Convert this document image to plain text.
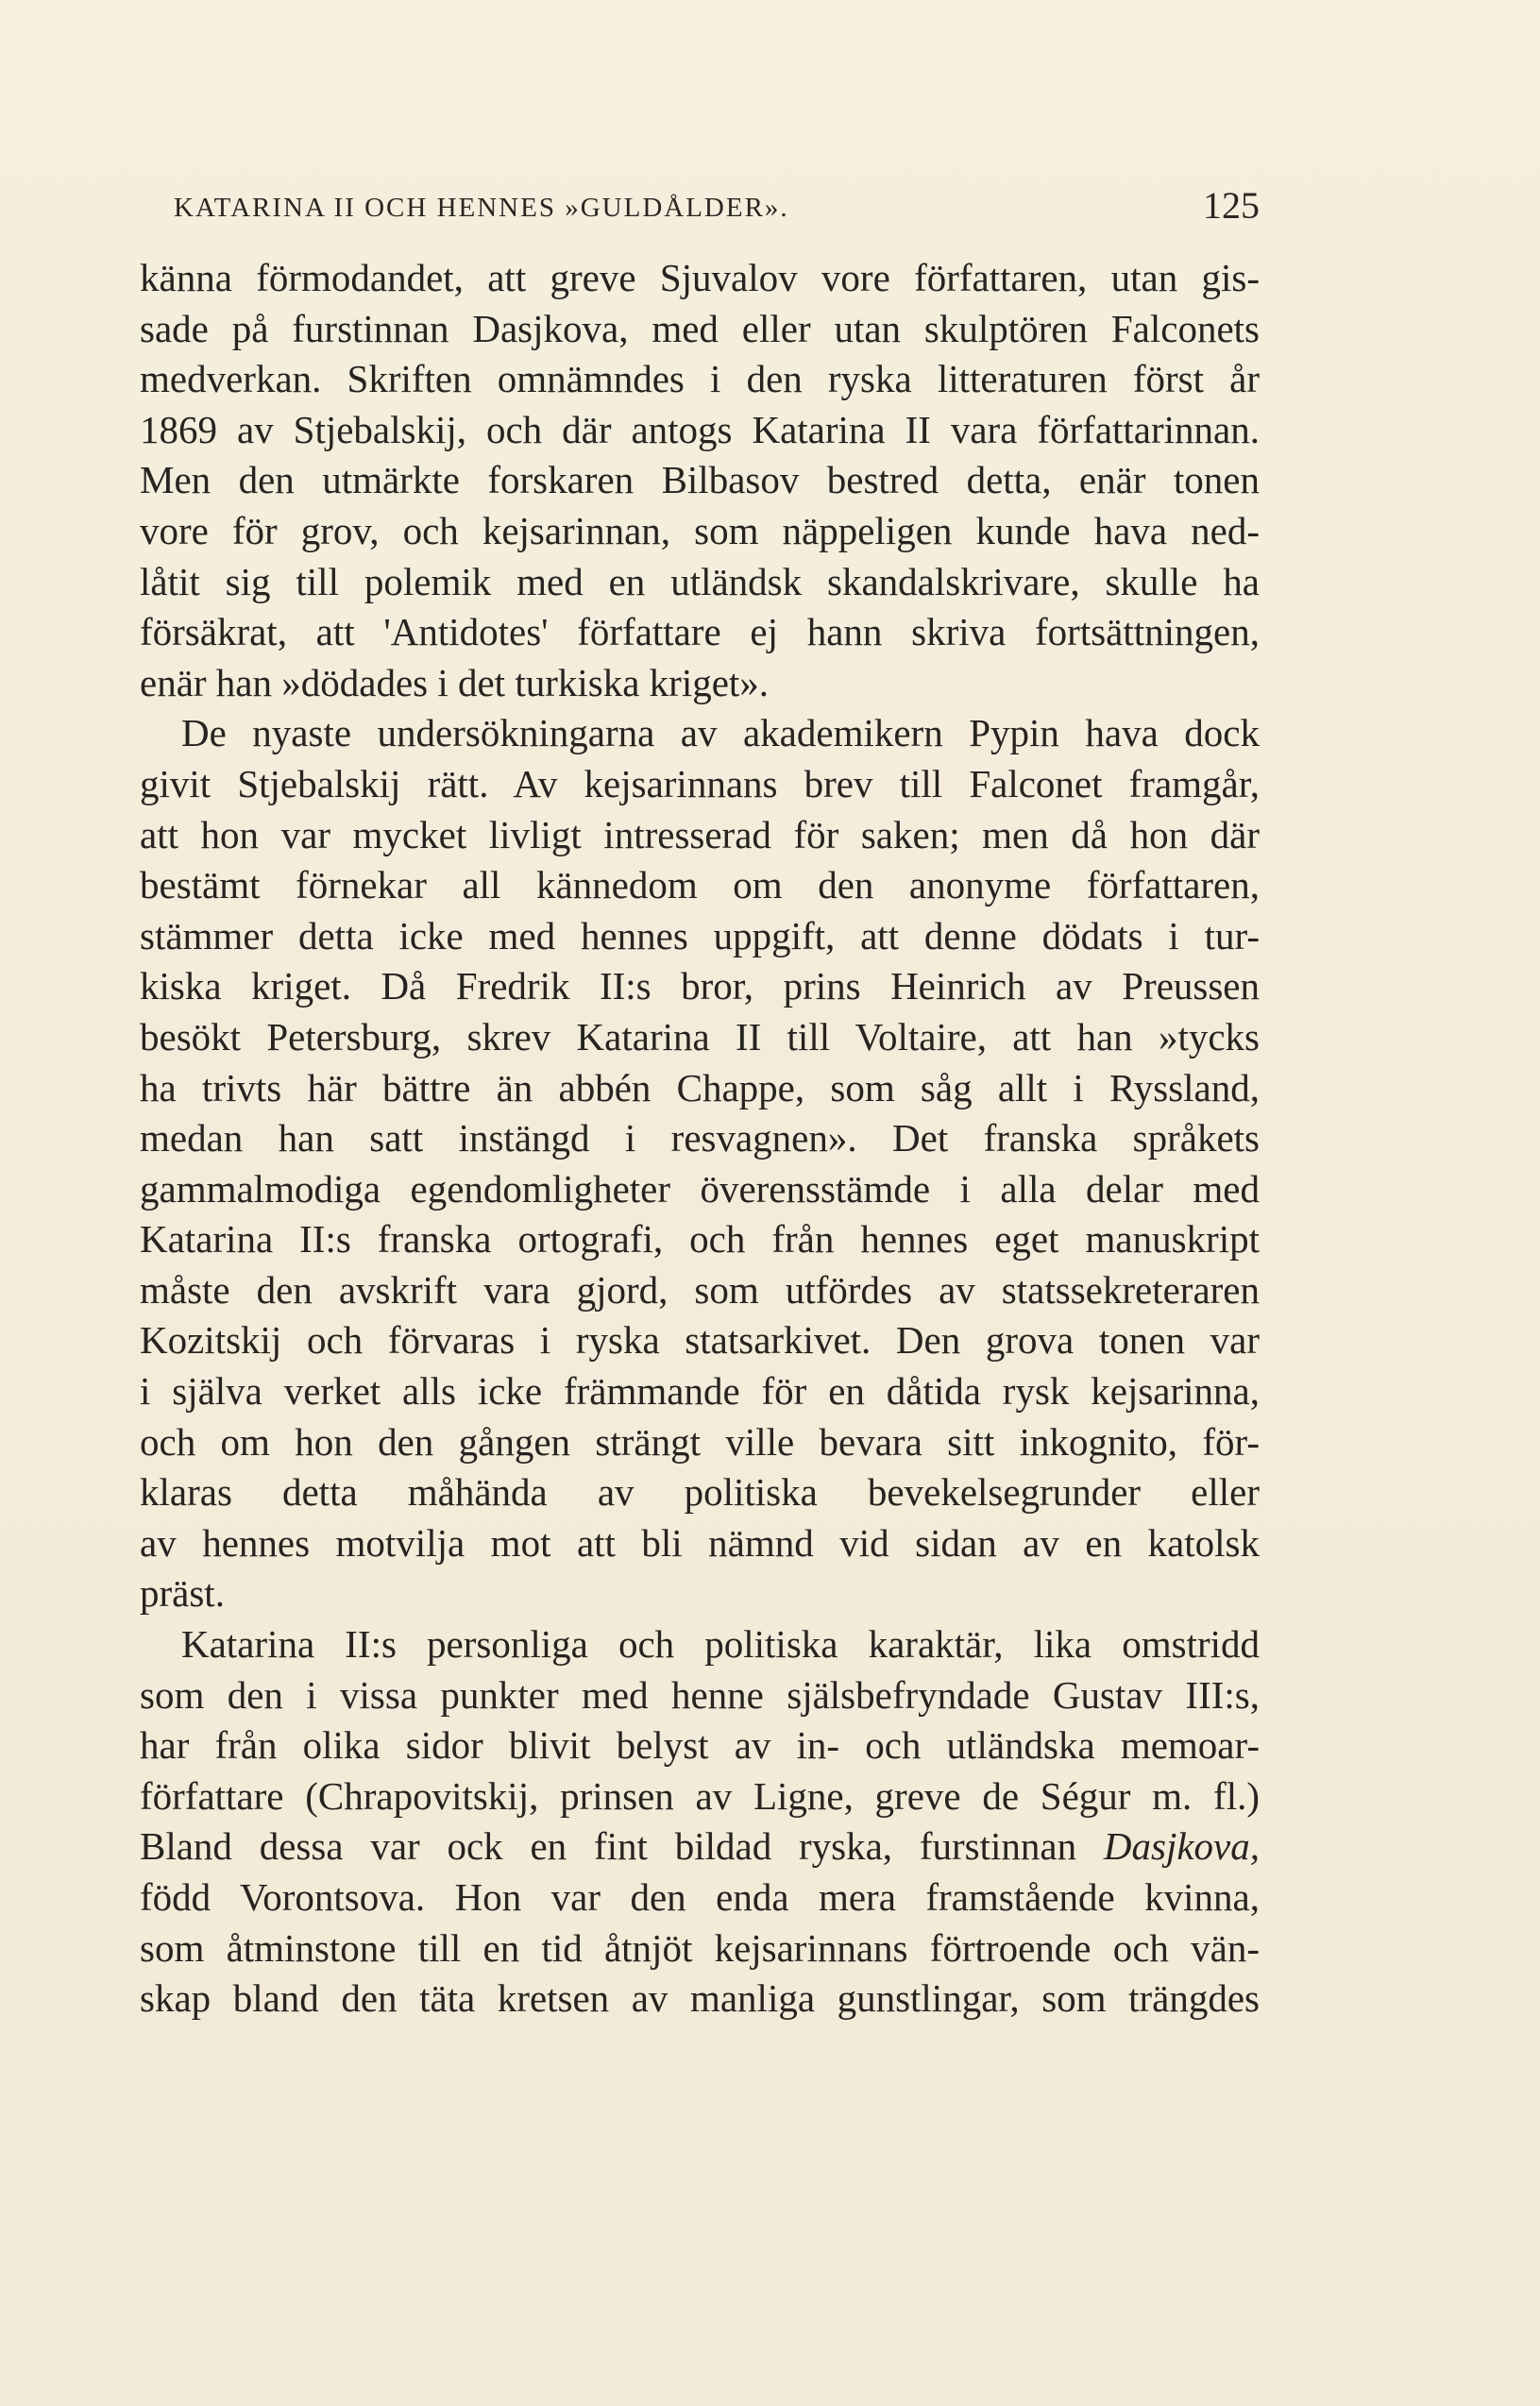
KATARINA II OCH HENNES »GULDÅLDER».	125
känna förmodandet, att greve Sjuvalov vore författaren, utan gis-
sade på furstinnan Dasjkova, med eller utan skulptören Falconets
medverkan. Skriften omnämndes i den ryska litteraturen först år
1869 av Stjebalskij, och där antogs Katarina II vara författarinnan.
Men den utmärkte forskaren Bilbasov bestred detta, enär tonen
vore för grov, och kejsarinnan, som näppeligen kunde hava ned-
låtit sig till polemik med en utländsk skandalskrivare, skulle ha
försäkrat, att 'Antidotes' författare ej hann skriva fortsättningen,
enär han »dödades i det turkiska kriget».
De nyaste undersökningarna av akademikern Pypin hava dock
givit Stjebalskij rätt. Av kejsarinnans brev till Falconet framgår,
att hon var mycket livligt intresserad för saken; men då hon där
bestämt förnekar all kännedom om den anonyme författaren,
stämmer detta icke med hennes uppgift, att denne dödats i tur-
kiska kriget. Då Fredrik II:s bror, prins Heinrich av Preussen
besökt Petersburg, skrev Katarina II till Voltaire, att han »tycks
ha trivts här bättre än abbén Chappe, som såg allt i Ryssland,
medan han satt instängd i resvagnen». Det franska språkets
gammalmodiga egendomligheter överensstämde i alla delar med
Katarina II:s franska ortografi, och från hennes eget manuskript
måste den avskrift vara gjord, som utfördes av statssekreteraren
Kozitskij och förvaras i ryska statsarkivet. Den grova tonen var
i själva verket alls icke främmande för en dåtida rysk kejsarinna,
och om hon den gången strängt ville bevara sitt inkognito, för-
klaras detta måhända av politiska bevekelsegrunder eller
av hennes motvilja mot att bli nämnd vid sidan av en katolsk
präst.
Katarina II:s personliga och politiska karaktär, lika omstridd
som den i vissa punkter med henne själsbefryndade Gustav III:s,
har från olika sidor blivit belyst av in- och utländska memoar-
författare (Chrapovitskij, prinsen av Ligne, greve de Ségur m. fl.)
Bland dessa var ock en fint bildad ryska, furstinnan Dasjkova,
född Vorontsova. Hon var den enda mera framstående kvinna,
som åtminstone till en tid åtnjöt kejsarinnans förtroende och vän-
skap bland den täta kretsen av manliga gunstlingar, som trängdes
